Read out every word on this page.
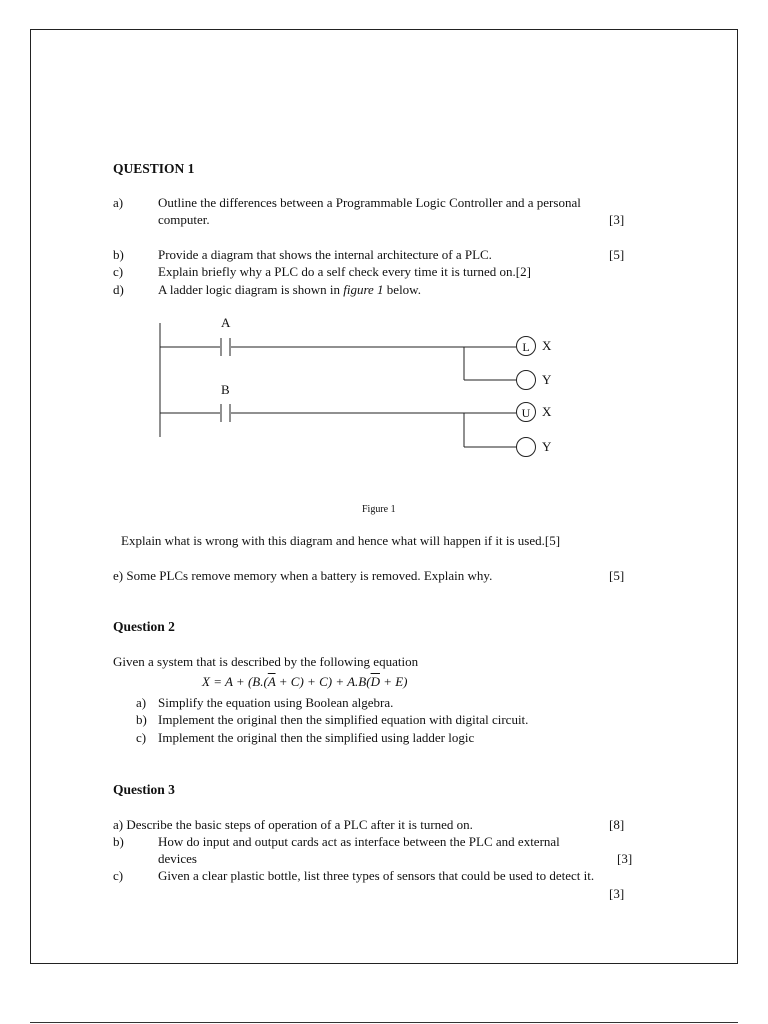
QUESTION 1
a)	Outline the differences between a Programmable Logic Controller and a personal
computer.	[3]
b)	Provide a diagram that shows the internal architecture of a PLC.	[5]
c)	Explain briefly why a PLC do a self check every time it is turned on.[2]
d)	A ladder logic diagram is shown in figure 1 below.
A
B
L X
Y
U X
Y
Figure 1
Explain what is wrong with this diagram and hence what will happen if it is used.[5]
e) Some PLCs remove memory when a battery is removed. Explain why.	[5]
Question 2
Given a system that is described by the following equation
$X = A + (B.(\overline{A} + C) + C) + A.B(\overline{D} + E)$
a) Simplify the equation using Boolean algebra.
b) Implement the original then the simplified equation with digital circuit.
c) Implement the original then the simplified using ladder logic
Question 3
a) Describe the basic steps of operation of a PLC after it is turned on.	[8]
b)	How do input and output cards act as interface between the PLC and external
devices	[3]
c)	Given a clear plastic bottle, list three types of sensors that could be used to detect it.
[3]
